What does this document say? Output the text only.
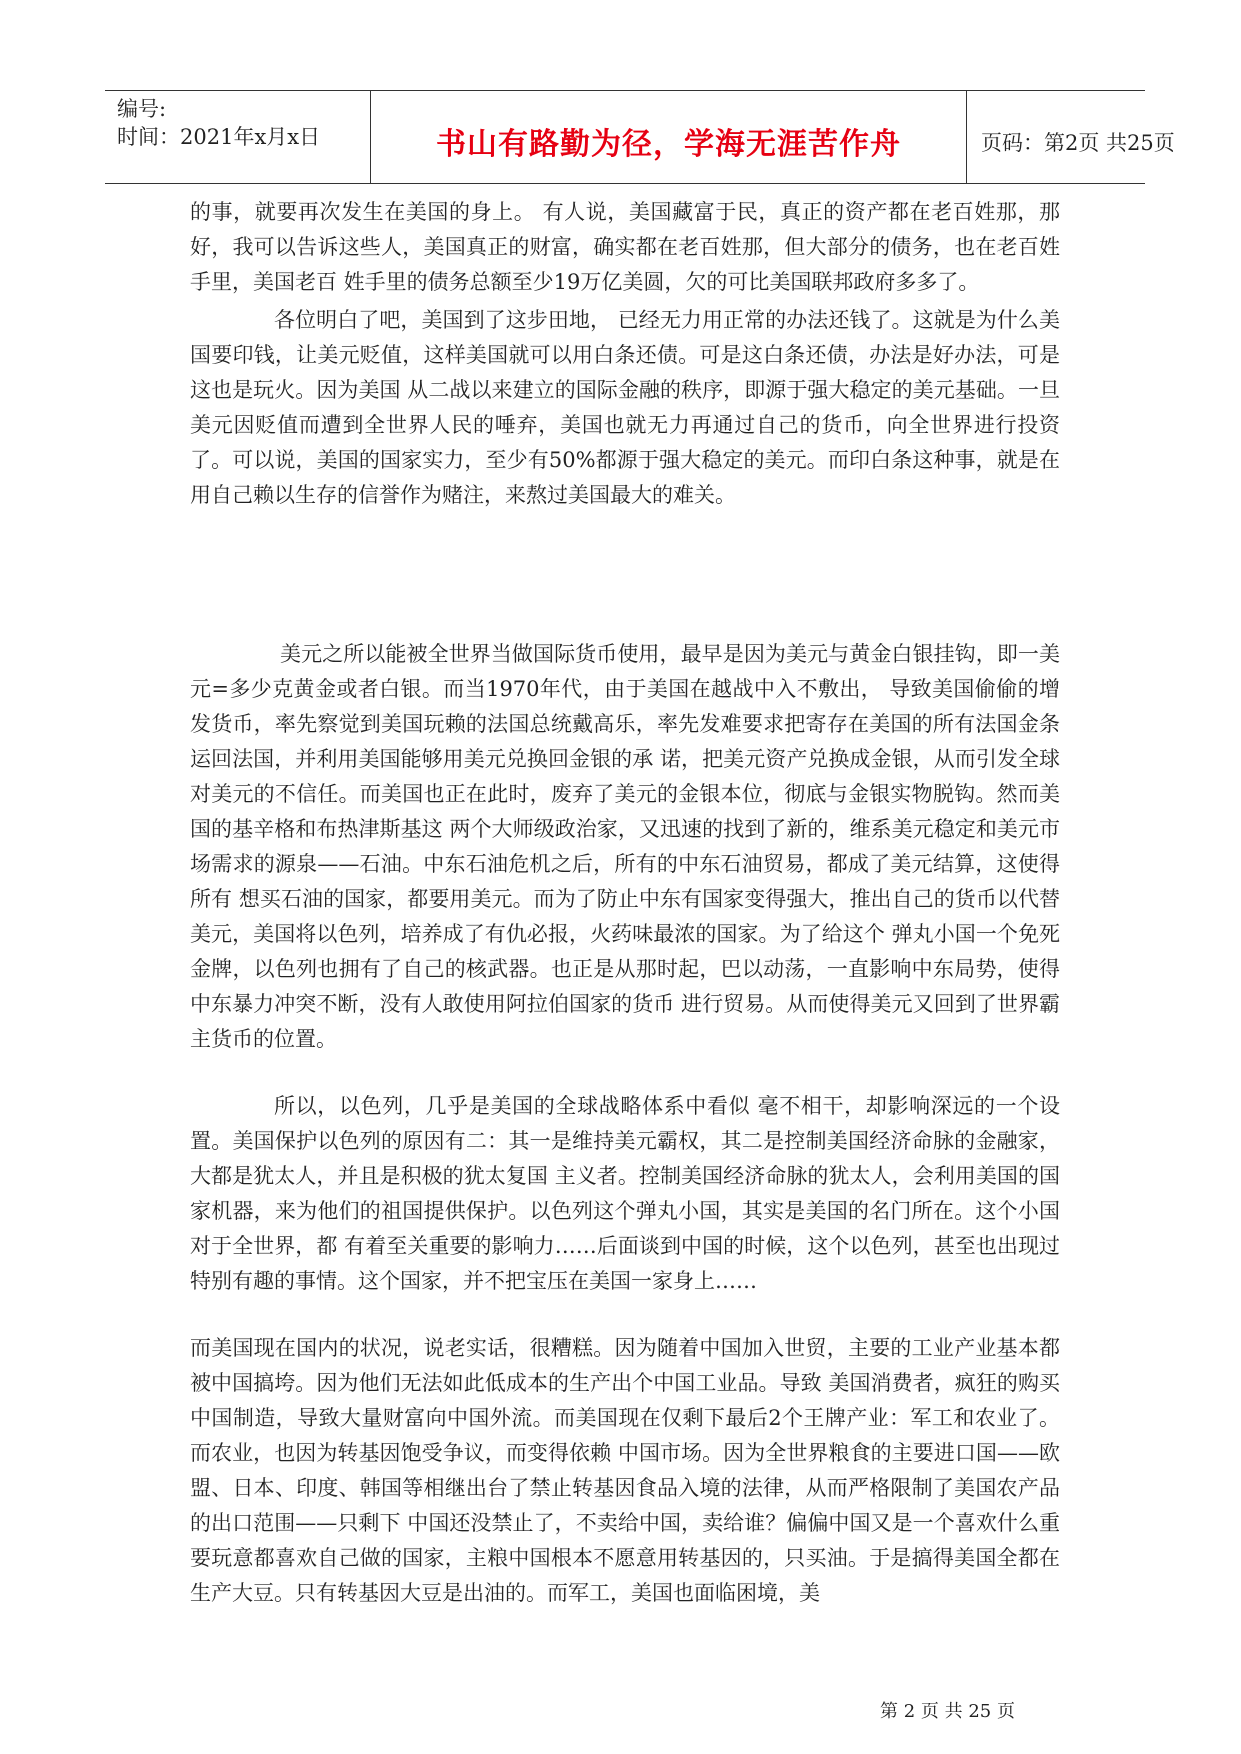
编号:
时间：2021年x月x日	书山有路勤为径，学海无涯苦作舟	页码：第2页 共25页

的事，就要再次发生在美国的身上。 有人说，美国藏富于民，真正的资产都在老百姓那，那好，我可以告诉这些人，美国真正的财富，确实都在老百姓那，但大部分的债务，也在老百姓手里，美国老百 姓手里的债务总额至少19万亿美圆，欠的可比美国联邦政府多多了。

各位明白了吧，美国到了这步田地， 已经无力用正常的办法还钱了。这就是为什么美国要印钱，让美元贬值，这样美国就可以用白条还债。可是这白条还债，办法是好办法，可是这也是玩火。因为美国 从二战以来建立的国际金融的秩序，即源于强大稳定的美元基础。一旦美元因贬值而遭到全世界人民的唾弃，美国也就无力再通过自己的货币，向全世界进行投资 了。可以说，美国的国家实力，至少有50%都源于强大稳定的美元。而印白条这种事，就是在用自己赖以生存的信誉作为赌注，来熬过美国最大的难关。

美元之所以能被全世界当做国际货币使用，最早是因为美元与黄金白银挂钩，即一美元=多少克黄金或者白银。而当1970年代，由于美国在越战中入不敷出， 导致美国偷偷的增发货币，率先察觉到美国玩赖的法国总统戴高乐，率先发难要求把寄存在美国的所有法国金条运回法国，并利用美国能够用美元兑换回金银的承 诺，把美元资产兑换成金银，从而引发全球对美元的不信任。而美国也正在此时，废弃了美元的金银本位，彻底与金银实物脱钩。然而美国的基辛格和布热津斯基这 两个大师级政治家，又迅速的找到了新的，维系美元稳定和美元市场需求的源泉——石油。中东石油危机之后，所有的中东石油贸易，都成了美元结算，这使得所有 想买石油的国家，都要用美元。而为了防止中东有国家变得强大，推出自己的货币以代替美元，美国将以色列，培养成了有仇必报，火药味最浓的国家。为了给这个 弹丸小国一个免死金牌，以色列也拥有了自己的核武器。也正是从那时起，巴以动荡，一直影响中东局势，使得中东暴力冲突不断，没有人敢使用阿拉伯国家的货币 进行贸易。从而使得美元又回到了世界霸主货币的位置。

所以，以色列，几乎是美国的全球战略体系中看似 毫不相干，却影响深远的一个设置。美国保护以色列的原因有二：其一是维持美元霸权，其二是控制美国经济命脉的金融家，大都是犹太人，并且是积极的犹太复国 主义者。控制美国经济命脉的犹太人，会利用美国的国家机器，来为他们的祖国提供保护。以色列这个弹丸小国，其实是美国的名门所在。这个小国对于全世界，都 有着至关重要的影响力……后面谈到中国的时候，这个以色列，甚至也出现过特别有趣的事情。这个国家，并不把宝压在美国一家身上……

而美国现在国内的状况，说老实话，很糟糕。因为随着中国加入世贸，主要的工业产业基本都被中国搞垮。因为他们无法如此低成本的生产出个中国工业品。导致 美国消费者，疯狂的购买中国制造，导致大量财富向中国外流。而美国现在仅剩下最后2个王牌产业：军工和农业了。而农业，也因为转基因饱受争议，而变得依赖 中国市场。因为全世界粮食的主要进口国——欧盟、日本、印度、韩国等相继出台了禁止转基因食品入境的法律，从而严格限制了美国农产品的出口范围——只剩下 中国还没禁止了，不卖给中国，卖给谁？偏偏中国又是一个喜欢什么重要玩意都喜欢自己做的国家，主粮中国根本不愿意用转基因的，只买油。于是搞得美国全都在 生产大豆。只有转基因大豆是出油的。而军工，美国也面临困境，美

第 2 页 共 25 页
